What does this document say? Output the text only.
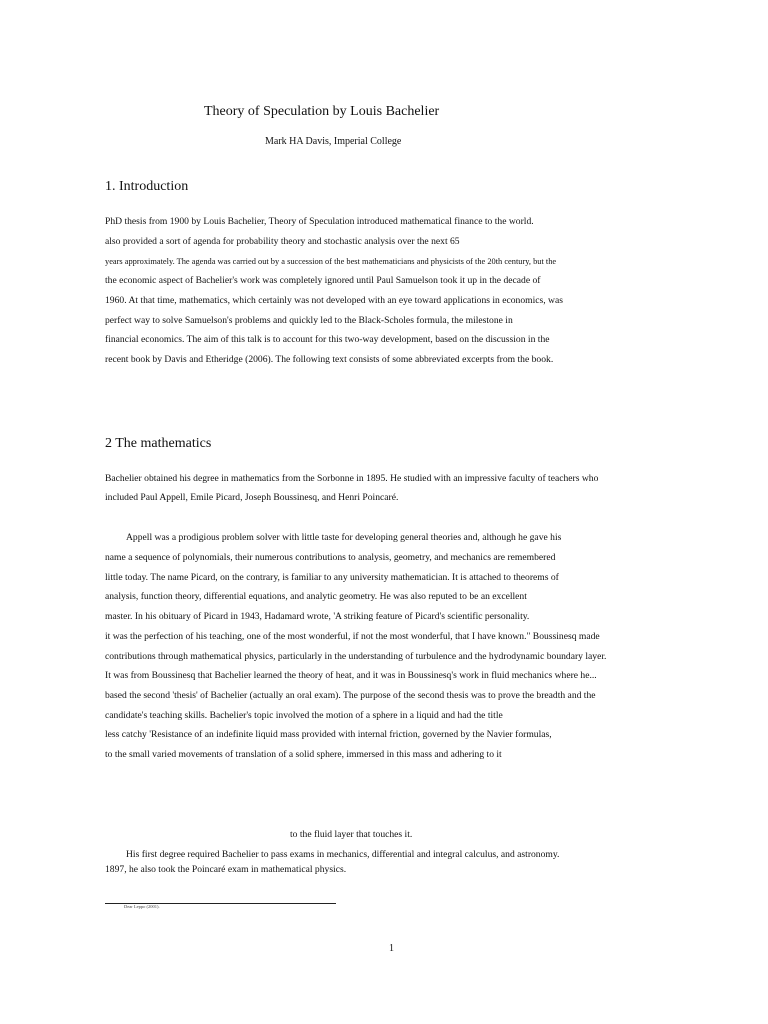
Theory of Speculation by Louis Bachelier
Mark HA Davis, Imperial College
1. Introduction
PhD thesis from 1900 by Louis Bachelier, Theory of Speculation introduced mathematical finance to the world.
also provided a sort of agenda for probability theory and stochastic analysis over the next 65
years approximately. The agenda was carried out by a succession of the best mathematicians and physicists of the 20th century, but the
the economic aspect of Bachelier's work was completely ignored until Paul Samuelson took it up in the decade of
1960. At that time, mathematics, which certainly was not developed with an eye toward applications in economics, was
perfect way to solve Samuelson's problems and quickly led to the Black-Scholes formula, the milestone in
financial economics. The aim of this talk is to account for this two-way development, based on the discussion in the
recent book by Davis and Etheridge (2006). The following text consists of some abbreviated excerpts from the book.
2 The mathematics
Bachelier obtained his degree in mathematics from the Sorbonne in 1895. He studied with an impressive faculty of teachers who
included Paul Appell, Emile Picard, Joseph Boussinesq, and Henri Poincaré.
Appell was a prodigious problem solver with little taste for developing general theories and, although he gave his
name a sequence of polynomials, their numerous contributions to analysis, geometry, and mechanics are remembered
little today. The name Picard, on the contrary, is familiar to any university mathematician. It is attached to theorems of
analysis, function theory, differential equations, and analytic geometry. He was also reputed to be an excellent
master. In his obituary of Picard in 1943, Hadamard wrote, 'A striking feature of Picard's scientific personality.
it was the perfection of his teaching, one of the most wonderful, if not the most wonderful, that I have known." Boussinesq made
contributions through mathematical physics, particularly in the understanding of turbulence and the hydrodynamic boundary layer.
It was from Boussinesq that Bachelier learned the theory of heat, and it was in Boussinesq's work in fluid mechanics where he...
based the second 'thesis' of Bachelier (actually an oral exam). The purpose of the second thesis was to prove the breadth and the
candidate's teaching skills. Bachelier's topic involved the motion of a sphere in a liquid and had the title
less catchy 'Resistance of an indefinite liquid mass provided with internal friction, governed by the Navier formulas,
to the small varied movements of translation of a solid sphere, immersed in this mass and adhering to it
to the fluid layer that touches it.
His first degree required Bachelier to pass exams in mechanics, differential and integral calculus, and astronomy.
1897, he also took the Poincaré exam in mathematical physics.
Dear Leppo (2001).
1
